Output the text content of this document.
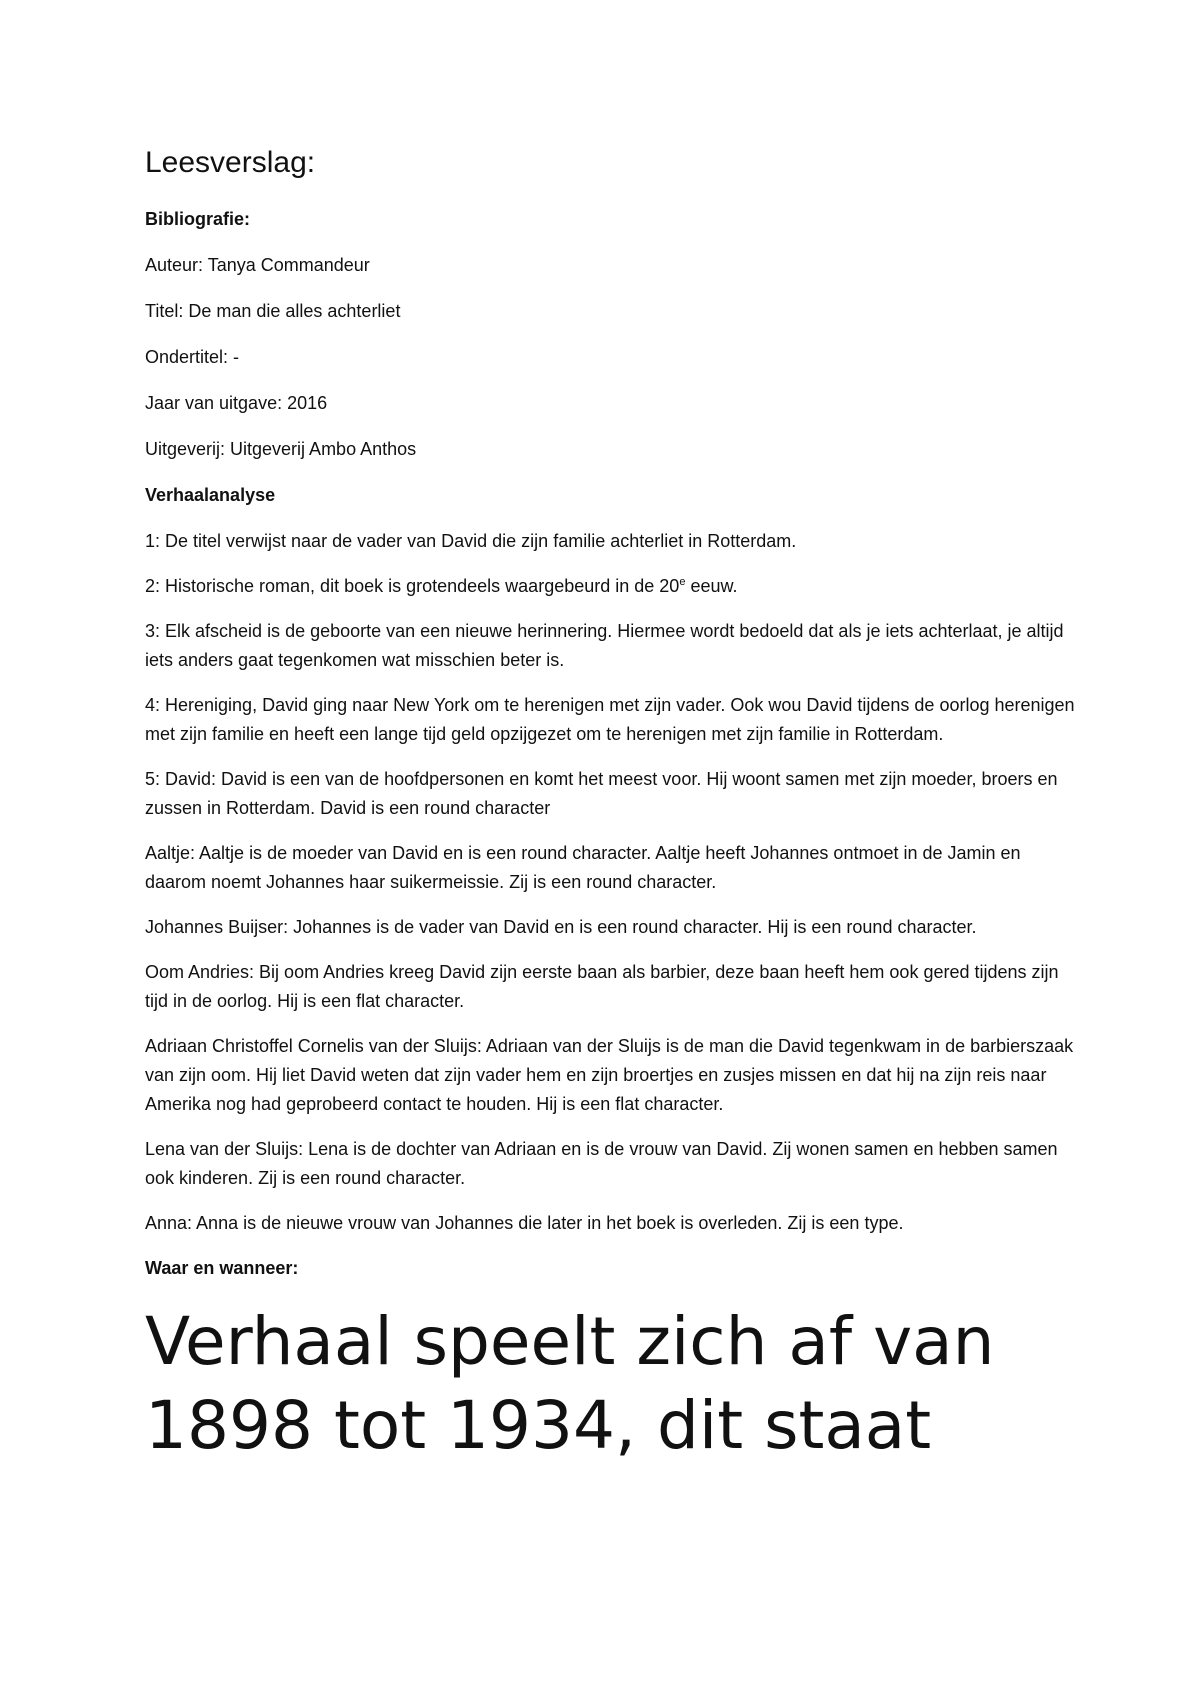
Leesverslag:

Bibliografie:

Auteur: Tanya Commandeur

Titel: De man die alles achterliet

Ondertitel: -

Jaar van uitgave: 2016

Uitgeverij: Uitgeverij Ambo Anthos

Verhaalanalyse

1: De titel verwijst naar de vader van David die zijn familie achterliet in Rotterdam.

2: Historische roman, dit boek is grotendeels waargebeurd in de 20e eeuw.

3: Elk afscheid is de geboorte van een nieuwe herinnering. Hiermee wordt bedoeld dat als je iets achterlaat, je altijd iets anders gaat tegenkomen wat misschien beter is.

4: Hereniging, David ging naar New York om te herenigen met zijn vader. Ook wou David tijdens de oorlog herenigen met zijn familie en heeft een lange tijd geld opzijgezet om te herenigen met zijn familie in Rotterdam.

5: David: David is een van de hoofdpersonen en komt het meest voor. Hij woont samen met zijn moeder, broers en zussen in Rotterdam. David is een round character

Aaltje: Aaltje is de moeder van David en is een round character. Aaltje heeft Johannes ontmoet in de Jamin en daarom noemt Johannes haar suikermeissie. Zij is een round character.

Johannes Buijser: Johannes is de vader van David en is een round character. Hij is een round character.

Oom Andries: Bij oom Andries kreeg David zijn eerste baan als barbier, deze baan heeft hem ook gered tijdens zijn tijd in de oorlog. Hij is een flat character.

Adriaan Christoffel Cornelis van der Sluijs: Adriaan van der Sluijs is de man die David tegenkwam in de barbierszaak van zijn oom. Hij liet David weten dat zijn vader hem en zijn broertjes en zusjes missen en dat hij na zijn reis naar Amerika nog had geprobeerd contact te houden. Hij is een flat character.

Lena van der Sluijs: Lena is de dochter van Adriaan en is de vrouw van David. Zij wonen samen en hebben samen ook kinderen. Zij is een round character.

Anna: Anna is de nieuwe vrouw van Johannes die later in het boek is overleden. Zij is een type.

Waar en wanneer:

Verhaal speelt zich af van 1898 tot 1934, dit staat
